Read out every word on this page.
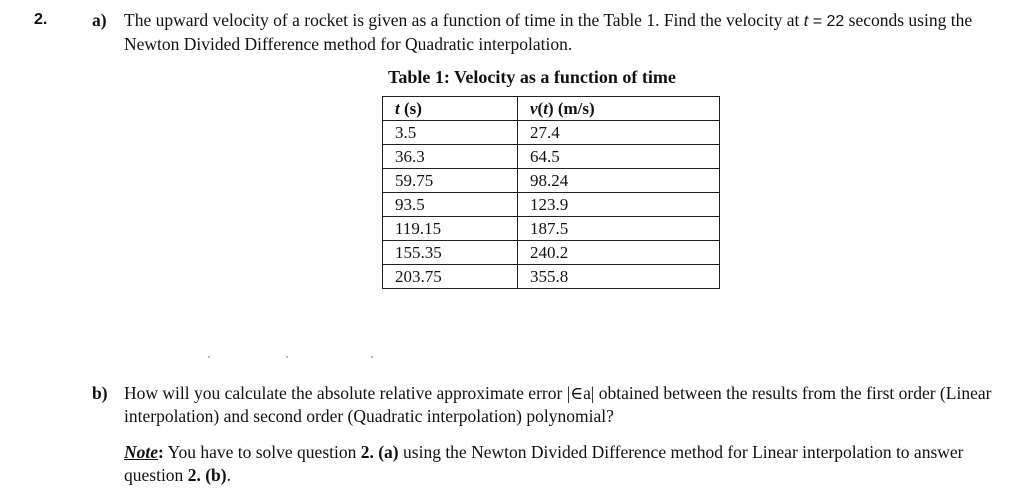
2.	a) The upward velocity of a rocket is given as a function of time in the Table 1. Find the velocity at t = 22 seconds using the Newton Divided Difference method for Quadratic interpolation.
Table 1: Velocity as a function of time
t (s)	v(t) (m/s)
3.5	27.4
36.3	64.5
59.75	98.24
93.5	123.9
119.15	187.5
155.35	240.2
203.75	355.8
b) How will you calculate the absolute relative approximate error |∈a| obtained between the results from the first order (Linear interpolation) and second order (Quadratic interpolation) polynomial?
Note: You have to solve question 2. (a) using the Newton Divided Difference method for Linear interpolation to answer question 2. (b).
